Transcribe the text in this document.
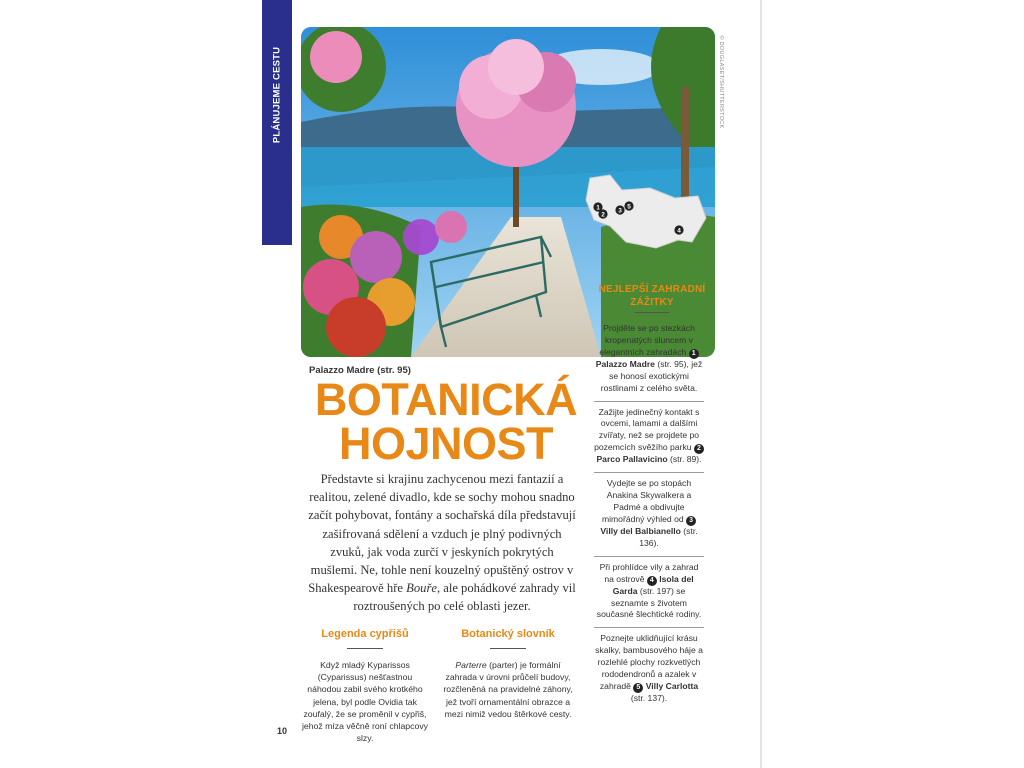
NÁŠ VÝBĚR PLÁNUJEME CESTU	© DOUGLASET/SHUTTERSTOCK
Palazzo Madre (str. 95)
1
2
3
5
4
BOTANICKÁ
HOJNOST
Představte si krajinu zachycenou mezi fantazií a realitou, zelené divadlo, kde se sochy mohou snadno začít pohybovat, fontány a sochařská díla představují zašifrovaná sdělení a vzduch je plný podivných zvuků, jak voda zurčí v jeskyních pokrytých mušlemi. Ne, tohle není kouzelný opuštěný ostrov v Shakespearově hře Bouře, ale pohádkové zahrady vil roztroušených po celé oblasti jezer.
Legenda cypřišů
Když mladý Kyparissos (Cyparissus) nešťastnou náhodou zabil svého krotkého jelena, byl podle Ovidia tak zoufalý, že se proměnil v cypřiš, jehož míza věčně roní chlapcovy slzy.
Botanický slovník
Parterre (parter) je formální zahrada v úrovni průčelí budovy, rozčleněná na pravidelné záhony, jež tvoří ornamentální obrazce a mezi nimiž vedou štěrkové cesty.
NEJLEPŠÍ ZAHRADNÍ ZÁŽITKY
Projděte se po stezkách kropenatých sluncem v elegantních zahradách 1 Palazzo Madre (str. 95), jež se honosí exotickými rostlinami z celého světa.
Zažijte jedinečný kontakt s ovcemi, lamami a dalšími zvířaty, než se projdete po pozemcích svěžího parku 2 Parco Pallavicino (str. 89).
Vydejte se po stopách Anakina Skywalkera a Padmé a obdivujte mimořádný výhled od 3 Villy del Balbianello (str. 136).
Při prohlídce vily a zahrad na ostrově 4 Isola del Garda (str. 197) se seznamte s životem současné šlechtické rodiny.
Poznejte uklidňující krásu skalky, bambusového háje a rozlehlé plochy rozkvetlých rododendronů a azalek v zahradě 5 Villy Carlotta (str. 137).
10
